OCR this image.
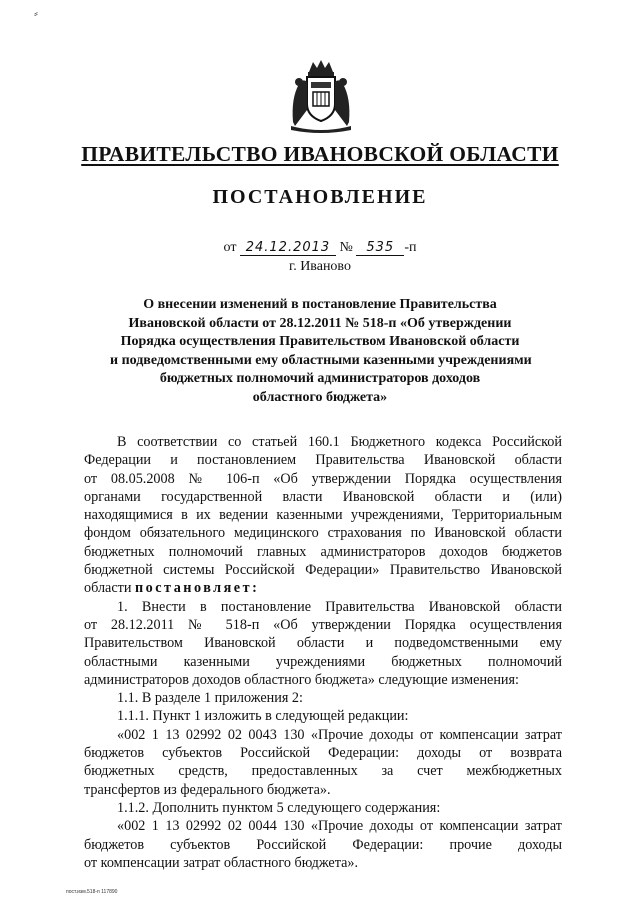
⸗
ПРАВИТЕЛЬСТВО ИВАНОВСКОЙ ОБЛАСТИ
ПОСТАНОВЛЕНИЕ
от 24.12.2013 № 535 -п
г. Иваново
О внесении изменений в постановление Правительства
Ивановской области от 28.12.2011 № 518-п «Об утверждении
Порядка осуществления Правительством Ивановской области
и подведомственными ему областными казенными учреждениями
бюджетных полномочий администраторов доходов
областного бюджета»
В соответствии со статьей 160.1 Бюджетного кодекса Российской
Федерации и постановлением Правительства Ивановской области
от 08.05.2008 № 106-п «Об утверждении Порядка осуществления
органами государственной власти Ивановской области и (или)
находящимися в их ведении казенными учреждениями, Территориальным
фондом обязательного медицинского страхования по Ивановской области
бюджетных полномочий главных администраторов доходов бюджетов
бюджетной системы Российской Федерации» Правительство Ивановской
области постановляет:
1. Внести в постановление Правительства Ивановской области
от 28.12.2011 № 518-п «Об утверждении Порядка осуществления
Правительством Ивановской области и подведомственными ему
областными казенными учреждениями бюджетных полномочий
администраторов доходов областного бюджета» следующие изменения:
1.1. В разделе 1 приложения 2:
1.1.1. Пункт 1 изложить в следующей редакции:
«002 1 13 02992 02 0043 130 «Прочие доходы от компенсации затрат
бюджетов субъектов Российской Федерации: доходы от возврата
бюджетных средств, предоставленных за счет межбюджетных
трансфертов из федерального бюджета».
1.1.2. Дополнить пунктом 5 следующего содержания:
«002 1 13 02992 02 0044 130 «Прочие доходы от компенсации затрат
бюджетов субъектов Российской Федерации: прочие доходы
от компенсации затрат областного бюджета».
пост.изм.518-п 117890
